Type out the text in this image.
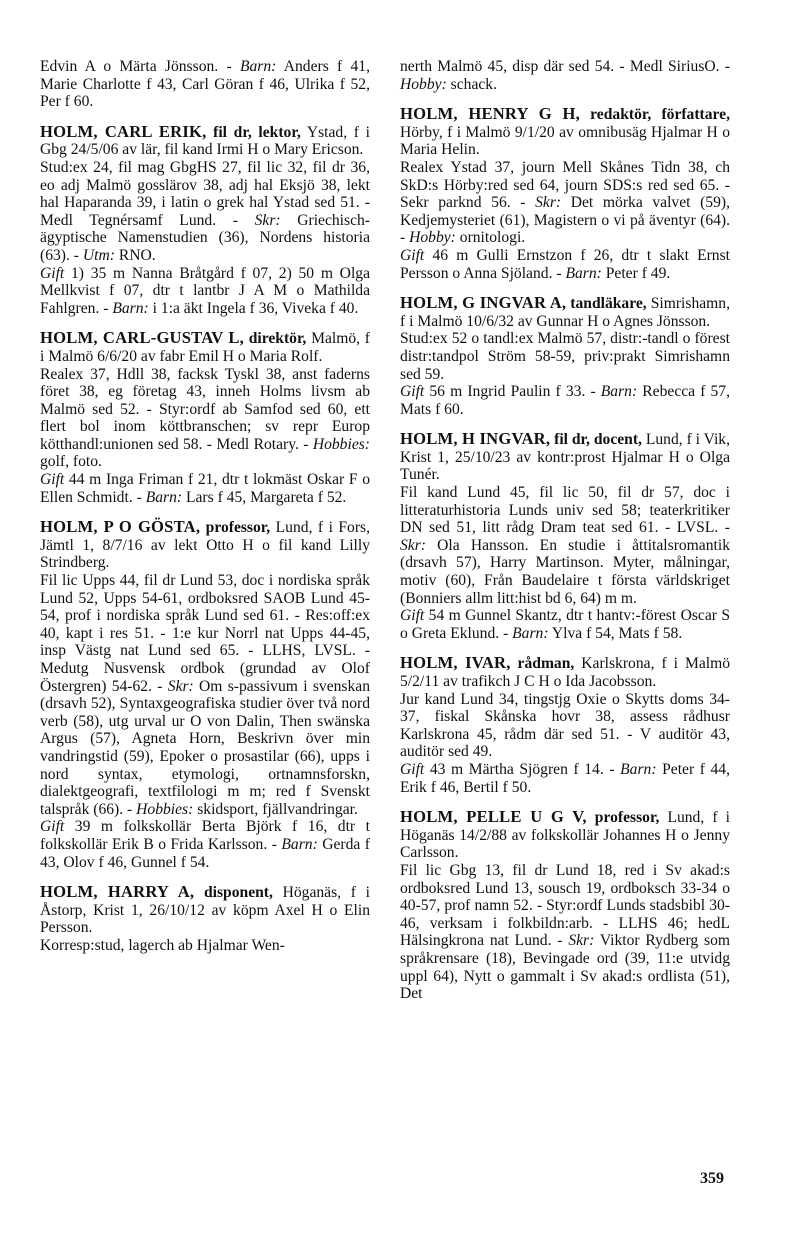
Edvin A o Märta Jönsson. - Barn: Anders f 41, Marie Charlotte f 43, Carl Göran f 46, Ulrika f 52, Per f 60.

HOLM, CARL ERIK, fil dr, lektor, Ystad, f i Gbg 24/5/06 av lär, fil kand Irmi H o Mary Ericson.

Stud:ex 24, fil mag GbgHS 27, fil lic 32, fil dr 36, eo adj Malmö gosslärov 38, adj hal Eksjö 38, lekt hal Haparanda 39, i latin o grek hal Ystad sed 51. - Medl Tegnérsamf Lund. - Skr: Griechisch-ägyptische Namenstudien (36), Nordens historia (63). - Utm: RNO.

Gift 1) 35 m Nanna Bråtgård f 07, 2) 50 m Olga Mellkvist f 07, dtr t lantbr J A M o Mathilda Fahlgren. - Barn: i 1:a äkt Ingela f 36, Viveka f 40.

HOLM, CARL-GUSTAV L, direktör, Malmö, f i Malmö 6/6/20 av fabr Emil H o Maria Rolf.

Realex 37, Hdll 38, facksk Tyskl 38, anst faderns föret 38, eg företag 43, inneh Holms livsm ab Malmö sed 52. - Styr:ordf ab Samfod sed 60, ett flert bol inom köttbranschen; sv repr Europ kötthandl:unionen sed 58. - Medl Rotary. - Hobbies: golf, foto.

Gift 44 m Inga Friman f 21, dtr t lokmäst Oskar F o Ellen Schmidt. - Barn: Lars f 45, Margareta f 52.

HOLM, P O GÖSTA, professor, Lund, f i Fors, Jämtl 1, 8/7/16 av lekt Otto H o fil kand Lilly Strindberg.

Fil lic Upps 44, fil dr Lund 53, doc i nordiska språk Lund 52, Upps 54-61, ordboksred SAOB Lund 45-54, prof i nordiska språk Lund sed 61. - Res:off:ex 40, kapt i res 51. - 1:e kur Norrl nat Upps 44-45, insp Västg nat Lund sed 65. - LLHS, LVSL. - Medutg Nusvensk ordbok (grundad av Olof Östergren) 54-62. - Skr: Om s-passivum i svenskan (drsavh 52), Syntaxgeografiska studier över två nord verb (58), utg urval ur O von Dalin, Then swänska Argus (57), Agneta Horn, Beskrivn över min vandringstid (59), Epoker o prosastilar (66), upps i nord syntax, etymologi, ortnamnsforskn, dialektgeografi, textfilologi m m; red f Svenskt talspråk (66). - Hobbies: skidsport, fjällvandringar.

Gift 39 m folkskollär Berta Björk f 16, dtr t folkskollär Erik B o Frida Karlsson. - Barn: Gerda f 43, Olov f 46, Gunnel f 54.

HOLM, HARRY A, disponent, Höganäs, f i Åstorp, Krist 1, 26/10/12 av köpm Axel H o Elin Persson.

Korresp:stud, lagerch ab Hjalmar Wen-

nerth Malmö 45, disp där sed 54. - Medl SiriusO. - Hobby: schack.

HOLM, HENRY G H, redaktör, författare, Hörby, f i Malmö 9/1/20 av omnibusäg Hjalmar H o Maria Helin.

Realex Ystad 37, journ Mell Skånes Tidn 38, ch SkD:s Hörby:red sed 64, journ SDS:s red sed 65. - Sekr parknd 56. - Skr: Det mörka valvet (59), Kedjemysteriet (61), Magistern o vi på äventyr (64). - Hobby: ornitologi.

Gift 46 m Gulli Ernstzon f 26, dtr t slakt Ernst Persson o Anna Sjöland. - Barn: Peter f 49.

HOLM, G INGVAR A, tandläkare, Simrishamn, f i Malmö 10/6/32 av Gunnar H o Agnes Jönsson.

Stud:ex 52 o tandl:ex Malmö 57, distr:-tandl o förest distr:tandpol Ström 58-59, priv:prakt Simrishamn sed 59.

Gift 56 m Ingrid Paulin f 33. - Barn: Rebecca f 57, Mats f 60.

HOLM, H INGVAR, fil dr, docent, Lund, f i Vik, Krist 1, 25/10/23 av kontr:prost Hjalmar H o Olga Tunér.

Fil kand Lund 45, fil lic 50, fil dr 57, doc i litteraturhistoria Lunds univ sed 58; teaterkritiker DN sed 51, litt rådg Dram teat sed 61. - LVSL. - Skr: Ola Hansson. En studie i åttitalsromantik (drsavh 57), Harry Martinson. Myter, målningar, motiv (60), Från Baudelaire t första världskriget (Bonniers allm litt:hist bd 6, 64) m m.

Gift 54 m Gunnel Skantz, dtr t hantv:-förest Oscar S o Greta Eklund. - Barn: Ylva f 54, Mats f 58.

HOLM, IVAR, rådman, Karlskrona, f i Malmö 5/2/11 av trafikch J C H o Ida Jacobsson.

Jur kand Lund 34, tingstjg Oxie o Skytts doms 34-37, fiskal Skånska hovr 38, assess rådhusr Karlskrona 45, rådm där sed 51. - V auditör 43, auditör sed 49.

Gift 43 m Märtha Sjögren f 14. - Barn: Peter f 44, Erik f 46, Bertil f 50.

HOLM, PELLE U G V, professor, Lund, f i Höganäs 14/2/88 av folkskollär Johannes H o Jenny Carlsson.

Fil lic Gbg 13, fil dr Lund 18, red i Sv akad:s ordboksred Lund 13, sousch 19, ordboksch 33-34 o 40-57, prof namn 52. - Styr:ordf Lunds stadsbibl 30-46, verksam i folkbildn:arb. - LLHS 46; hedL Hälsingkrona nat Lund. - Skr: Viktor Rydberg som språkrensare (18), Bevingade ord (39, 11:e utvidg uppl 64), Nytt o gammalt i Sv akad:s ordlista (51), Det

359
